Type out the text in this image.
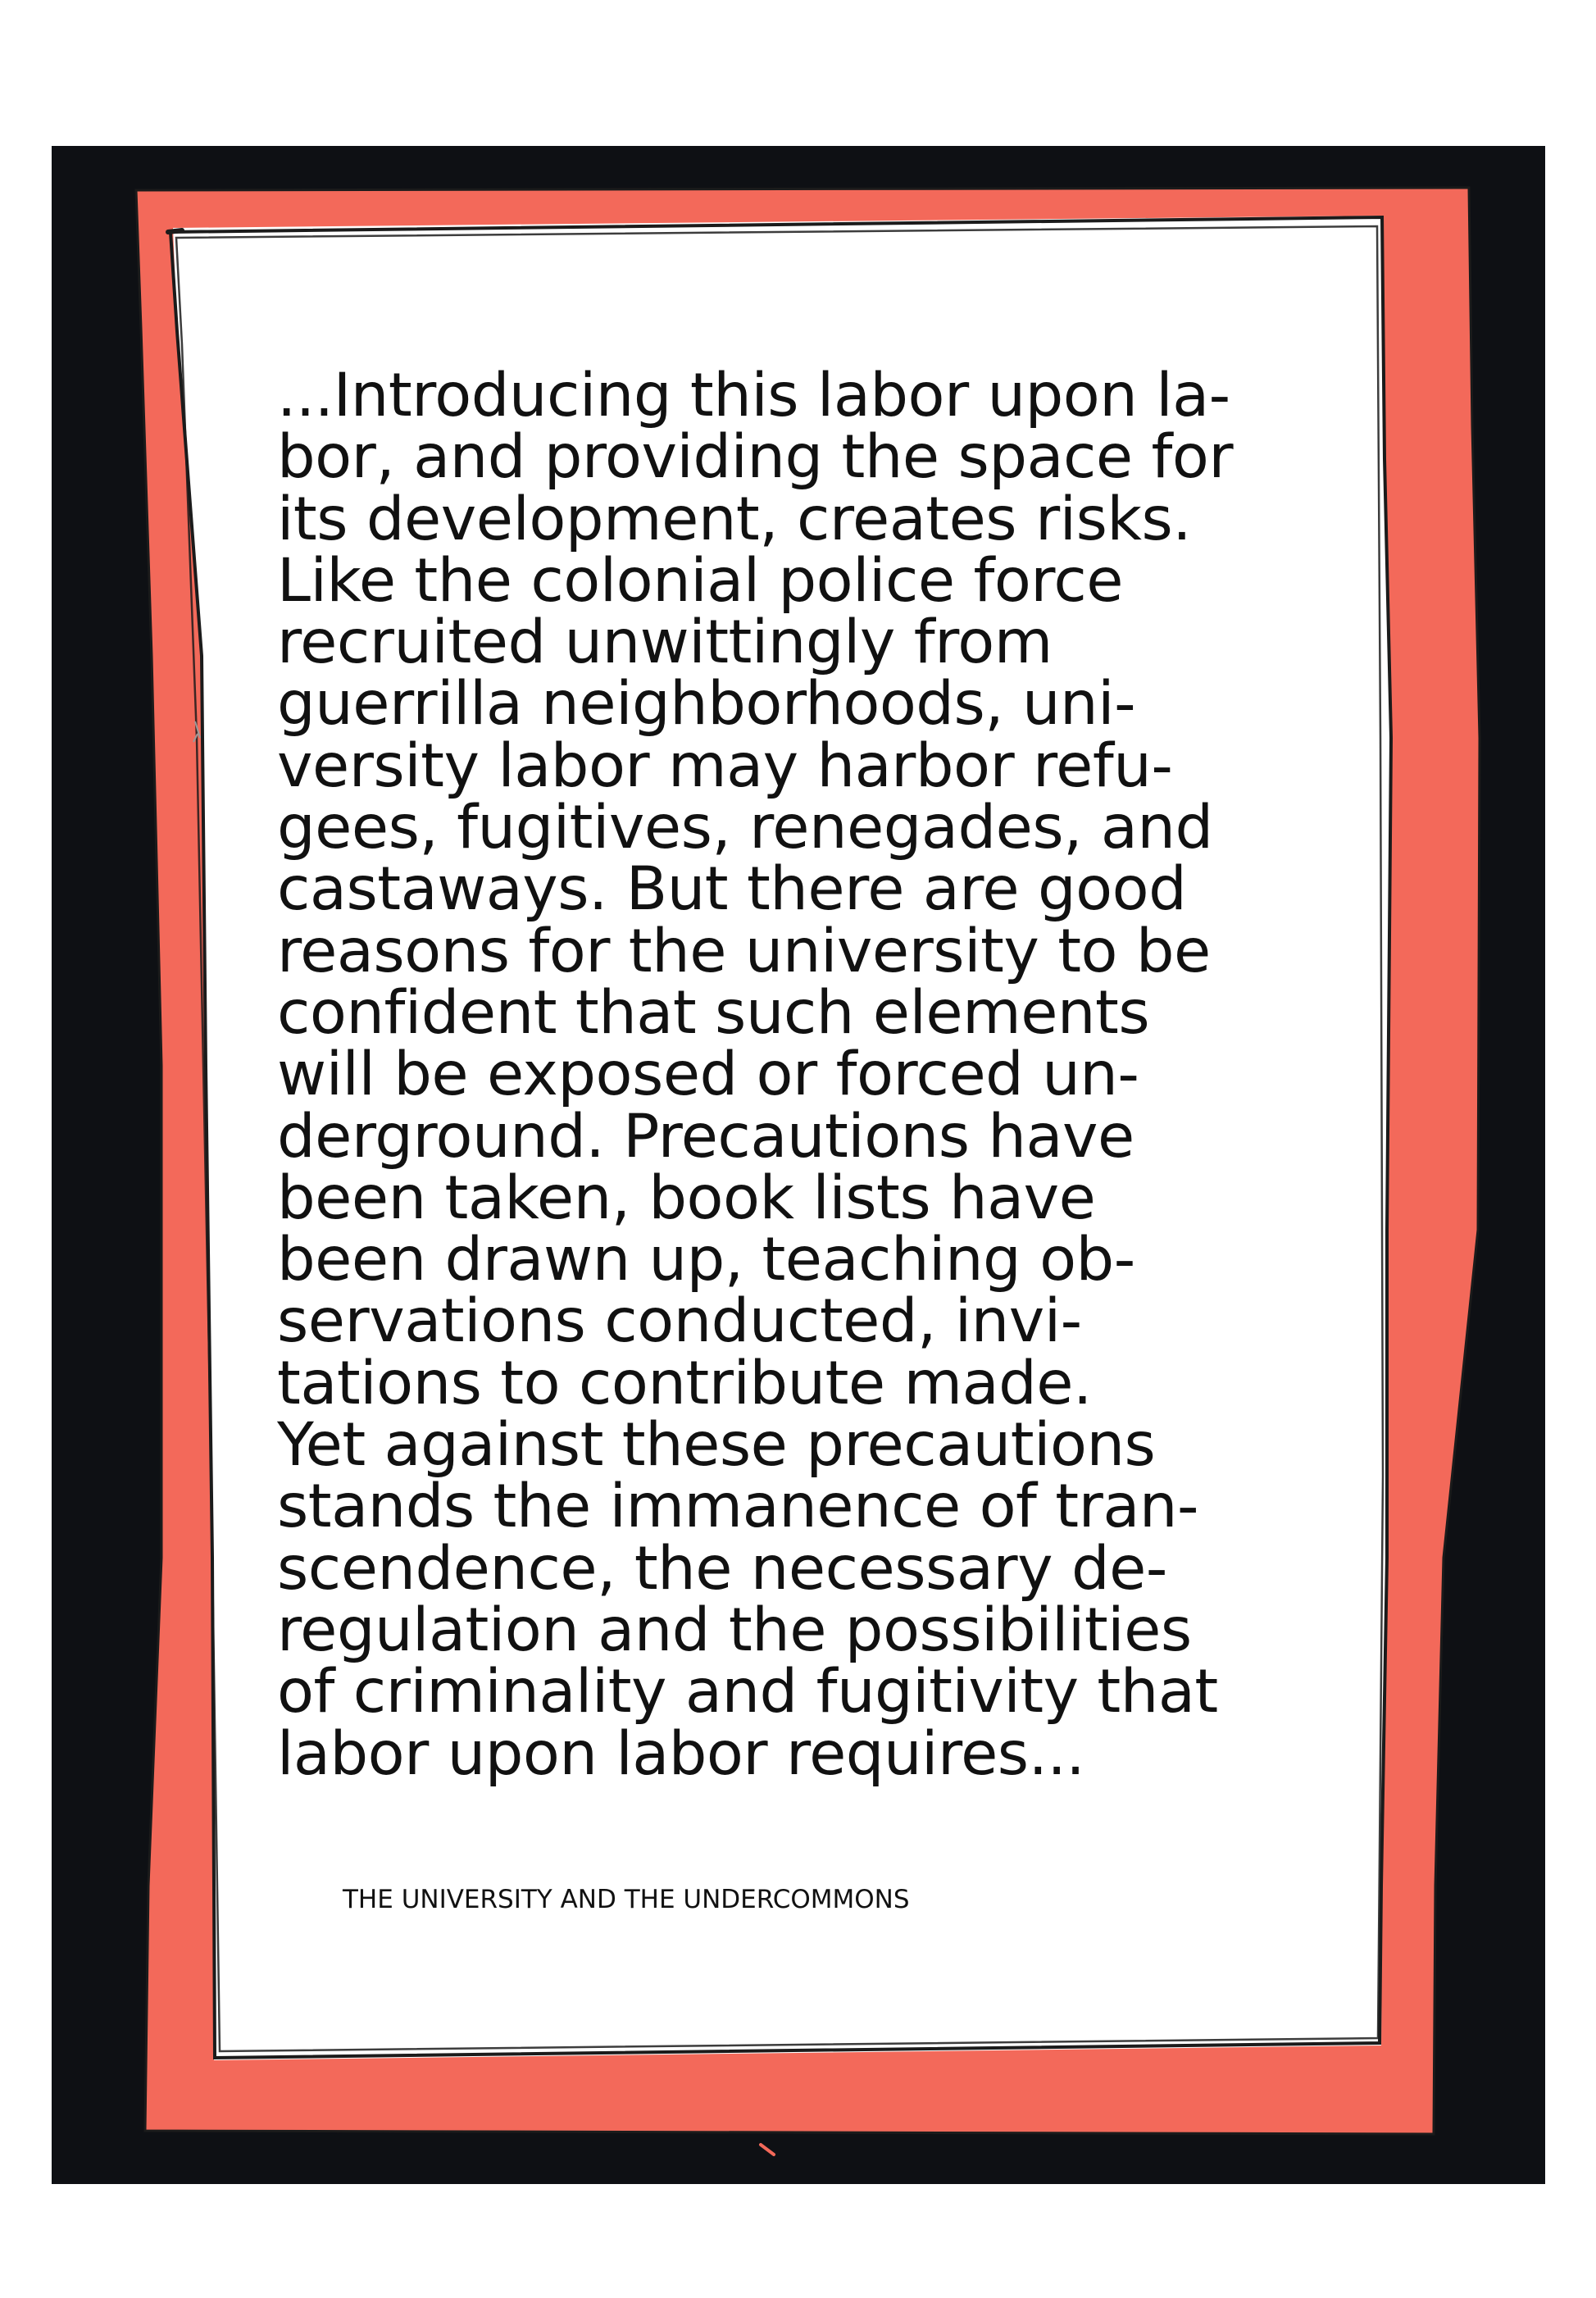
...Introducing this labor upon la-
bor, and providing the space for
its development, creates risks.
Like the colonial police force
recruited unwittingly from
guerrilla neighborhoods, uni-
versity labor may harbor refu-
gees, fugitives, renegades, and
castaways. But there are good
reasons for the university to be
confident that such elements
will be exposed or forced un-
derground. Precautions have
been taken, book lists have
been drawn up, teaching ob-
servations conducted, invi-
tations to contribute made.
Yet against these precautions
stands the immanence of tran-
scendence, the necessary de-
regulation and the possibilities
of criminality and fugitivity that
labor upon labor requires...

THE UNIVERSITY AND THE UNDERCOMMONS
